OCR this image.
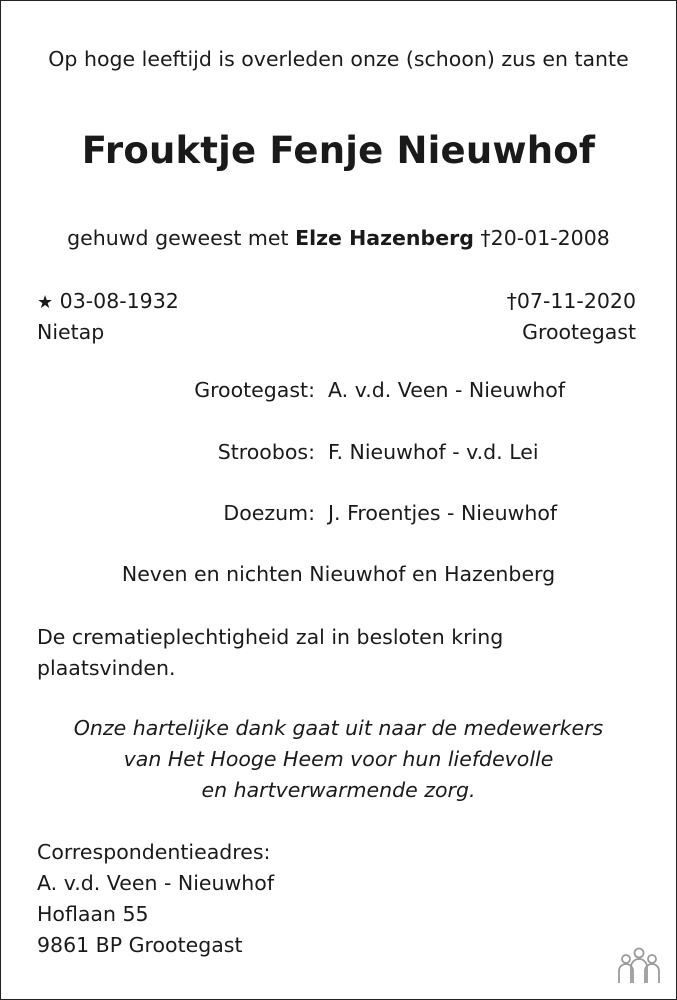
Op hoge leeftijd is overleden onze (schoon) zus en tante
Frouktje Fenje Nieuwhof
gehuwd geweest met Elze Hazenberg †20-01-2008
★ 03-08-1932
Nietap
†07-11-2020
Grootegast
Grootegast: A. v.d. Veen - Nieuwhof
Stroobos: F. Nieuwhof - v.d. Lei
Doezum: J. Froentjes - Nieuwhof
Neven en nichten Nieuwhof en Hazenberg
De crematieplechtigheid zal in besloten kring plaatsvinden.
Onze hartelijke dank gaat uit naar de medewerkers
van Het Hooge Heem voor hun liefdevolle
en hartverwarmende zorg.
Correspondentieadres:
A. v.d. Veen - Nieuwhof
Hoflaan 55
9861 BP Grootegast
